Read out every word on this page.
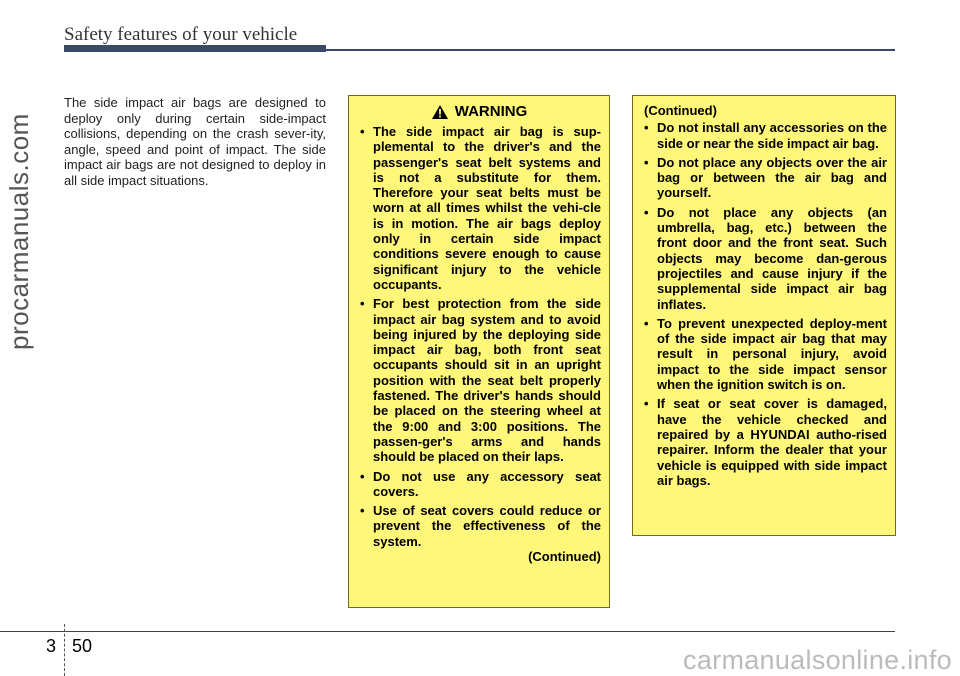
Safety features of your vehicle
procarmanuals.com
The side impact air bags are designed to deploy only during certain side-impact collisions, depending on the crash sever-ity, angle, speed and point of impact. The side impact air bags are not designed to deploy in all side impact situations.
WARNING
• The side impact air bag is sup-plemental to the driver's and the passenger's seat belt systems and is not a substitute for them. Therefore your seat belts must be worn at all times whilst the vehi-cle is in motion. The air bags deploy only in certain side impact conditions severe enough to cause significant injury to the vehicle occupants.
• For best protection from the side impact air bag system and to avoid being injured by the deploying side impact air bag, both front seat occupants should sit in an upright position with the seat belt properly fastened. The driver's hands should be placed on the steering wheel at the 9:00 and 3:00 positions. The passen-ger's arms and hands should be placed on their laps.
• Do not use any accessory seat covers.
• Use of seat covers could reduce or prevent the effectiveness of the system.
(Continued)
(Continued)
• Do not install any accessories on the side or near the side impact air bag.
• Do not place any objects over the air bag or between the air bag and yourself.
• Do not place any objects (an umbrella, bag, etc.) between the front door and the front seat. Such objects may become dan-gerous projectiles and cause injury if the supplemental side impact air bag inflates.
• To prevent unexpected deploy-ment of the side impact air bag that may result in personal injury, avoid impact to the side impact sensor when the ignition switch is on.
• If seat or seat cover is damaged, have the vehicle checked and repaired by a HYUNDAI autho-rised repairer. Inform the dealer that your vehicle is equipped with side impact air bags.
3 50	carmanualsonline.info
